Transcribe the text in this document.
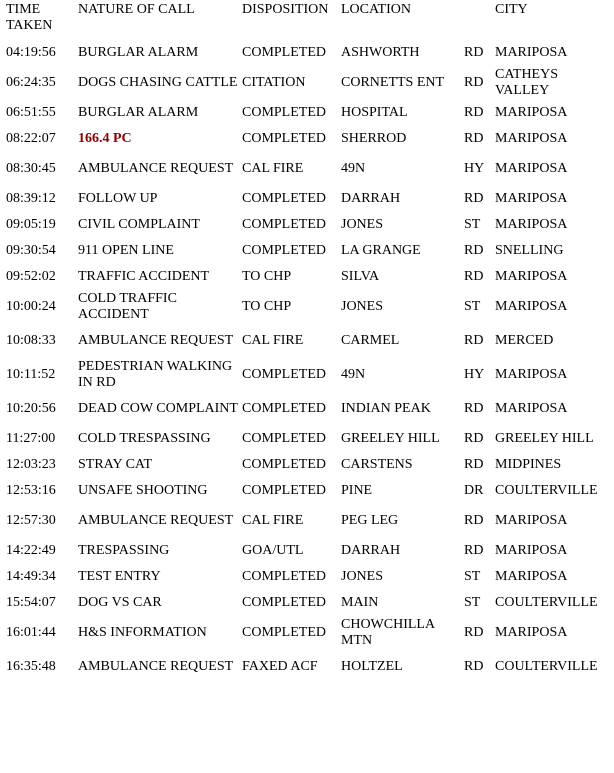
TIME TAKEN	NATURE OF CALL	DISPOSITION	LOCATION		CITY
04:19:56	BURGLAR ALARM	COMPLETED	ASHWORTH	RD	MARIPOSA
06:24:35	DOGS CHASING CATTLE	CITATION	CORNETTS ENT	RD	CATHEYS VALLEY
06:51:55	BURGLAR ALARM	COMPLETED	HOSPITAL	RD	MARIPOSA
08:22:07	166.4 PC	COMPLETED	SHERROD	RD	MARIPOSA
08:30:45	AMBULANCE REQUEST	CAL FIRE	49N	HY	MARIPOSA
08:39:12	FOLLOW UP	COMPLETED	DARRAH	RD	MARIPOSA
09:05:19	CIVIL COMPLAINT	COMPLETED	JONES	ST	MARIPOSA
09:30:54	911 OPEN LINE	COMPLETED	LA GRANGE	RD	SNELLING
09:52:02	TRAFFIC ACCIDENT	TO CHP	SILVA	RD	MARIPOSA
10:00:24	COLD TRAFFIC ACCIDENT	TO CHP	JONES	ST	MARIPOSA
10:08:33	AMBULANCE REQUEST	CAL FIRE	CARMEL	RD	MERCED
10:11:52	PEDESTRIAN WALKING IN RD	COMPLETED	49N	HY	MARIPOSA
10:20:56	DEAD COW COMPLAINT	COMPLETED	INDIAN PEAK	RD	MARIPOSA
11:27:00	COLD TRESPASSING	COMPLETED	GREELEY HILL	RD	GREELEY HILL
12:03:23	STRAY CAT	COMPLETED	CARSTENS	RD	MIDPINES
12:53:16	UNSAFE SHOOTING	COMPLETED	PINE	DR	COULTERVILLE
12:57:30	AMBULANCE REQUEST	CAL FIRE	PEG LEG	RD	MARIPOSA
14:22:49	TRESPASSING	GOA/UTL	DARRAH	RD	MARIPOSA
14:49:34	TEST ENTRY	COMPLETED	JONES	ST	MARIPOSA
15:54:07	DOG VS CAR	COMPLETED	MAIN	ST	COULTERVILLE
16:01:44	H&S INFORMATION	COMPLETED	CHOWCHILLA MTN	RD	MARIPOSA
16:35:48	AMBULANCE REQUEST	FAXED ACF	HOLTZEL	RD	COULTERVILLE
